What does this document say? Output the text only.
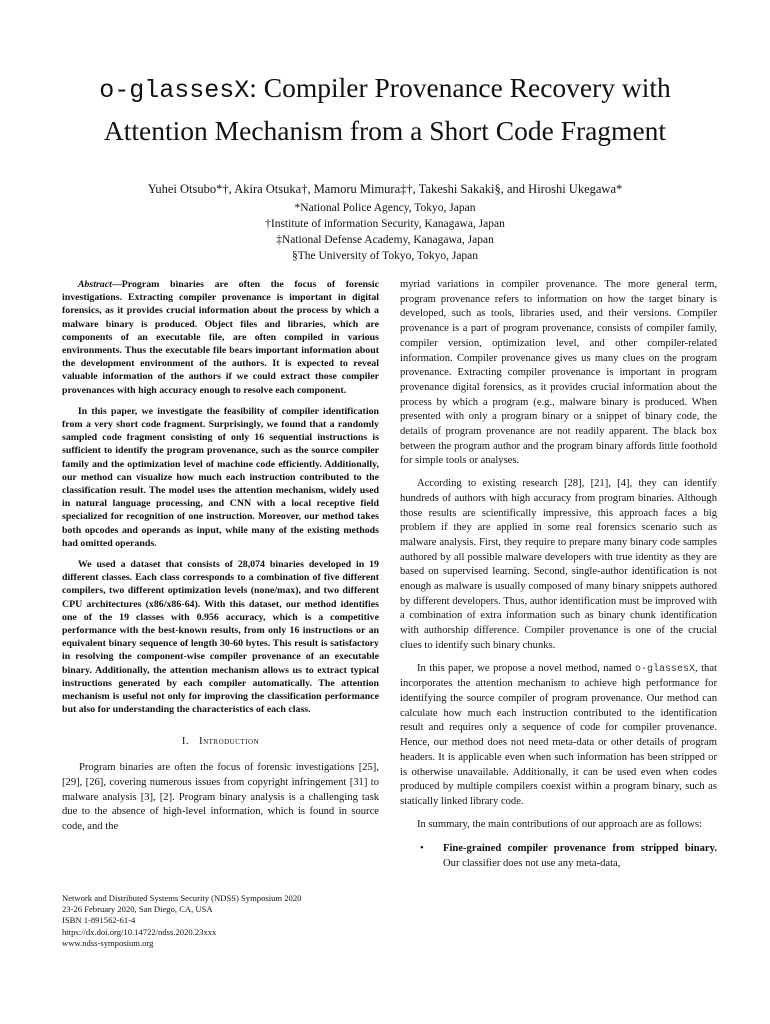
o-glassesX: Compiler Provenance Recovery with
Attention Mechanism from a Short Code Fragment
Yuhei Otsubo*†, Akira Otsuka†, Mamoru Mimura‡†, Takeshi Sakaki§, and Hiroshi Ukegawa*
*National Police Agency, Tokyo, Japan
†Institute of information Security, Kanagawa, Japan
‡National Defense Academy, Kanagawa, Japan
§The University of Tokyo, Tokyo, Japan

Abstract—Program binaries are often the focus of forensic investigations. Extracting compiler provenance is important in digital forensics, as it provides crucial information about the process by which a malware binary is produced. Object files and libraries, which are components of an executable file, are often compiled in various environments. Thus the executable file bears important information about the development environment of the authors. It is expected to reveal valuable information of the authors if we could extract those compiler provenances with high accuracy enough to resolve each component.

In this paper, we investigate the feasibility of compiler identification from a very short code fragment. Surprisingly, we found that a randomly sampled code fragment consisting of only 16 sequential instructions is sufficient to identify the program provenance, such as the source compiler family and the optimization level of machine code efficiently. Additionally, our method can visualize how much each instruction contributed to the classification result. The model uses the attention mechanism, widely used in natural language processing, and CNN with a local receptive field specialized for recognition of one instruction. Moreover, our method takes both opcodes and operands as input, while many of the existing methods had omitted operands.

We used a dataset that consists of 28,074 binaries developed in 19 different classes. Each class corresponds to a combination of five different compilers, two different optimization levels (none/max), and two different CPU architectures (x86/x86-64). With this dataset, our method identifies one of the 19 classes with 0.956 accuracy, which is a competitive performance with the best-known results, from only 16 instructions or an equivalent binary sequence of length 30-60 bytes. This result is satisfactory in resolving the component-wise compiler provenance of an executable binary. Additionally, the attention mechanism allows us to extract typical instructions generated by each compiler automatically. The attention mechanism is useful not only for improving the classification performance but also for understanding the characteristics of each class.

I. Introduction

Program binaries are often the focus of forensic investigations [25], [29], [26], covering numerous issues from copyright infringement [31] to malware analysis [3], [2]. Program binary analysis is a challenging task due to the absence of high-level information, which is found in source code, and the

Network and Distributed Systems Security (NDSS) Symposium 2020
23-26 February 2020, San Diego, CA, USA
ISBN 1-891562-61-4
https://dx.doi.org/10.14722/ndss.2020.23xxx
www.ndss-symposium.org

myriad variations in compiler provenance. The more general term, program provenance refers to information on how the target binary is developed, such as tools, libraries used, and their versions. Compiler provenance is a part of program provenance, consists of compiler family, compiler version, optimization level, and other compiler-related information. Compiler provenance gives us many clues on the program provenance. Extracting compiler provenance is important in program provenance digital forensics, as it provides crucial information about the process by which a program (e.g., malware binary is produced. When presented with only a program binary or a snippet of binary code, the details of program provenance are not readily apparent. The black box between the program author and the program binary affords little foothold for simple tools or analyses.

According to existing research [28], [21], [4], they can identify hundreds of authors with high accuracy from program binaries. Although those results are scientifically impressive, this approach faces a big problem if they are applied in some real forensics scenario such as malware analysis. First, they require to prepare many binary code samples authored by all possible malware developers with true identity as they are based on supervised learning. Second, single-author identification is not enough as malware is usually composed of many binary snippets authored by different developers. Thus, author identification must be improved with a combination of extra information such as binary chunk identification with authorship difference. Compiler provenance is one of the crucial clues to identify such binary chunks.

In this paper, we propose a novel method, named o-glassesX, that incorporates the attention mechanism to achieve high performance for identifying the source compiler of program provenance. Our method can calculate how much each instruction contributed to the identification result and requires only a sequence of code for compiler provenance. Hence, our method does not need meta-data or other details of program headers. It is applicable even when such information has been stripped or is otherwise unavailable. Additionally, it can be used even when codes produced by multiple compilers coexist within a program binary, such as statically linked library code.

In summary, the main contributions of our approach are as follows:

• Fine-grained compiler provenance from stripped binary. Our classifier does not use any meta-data,
